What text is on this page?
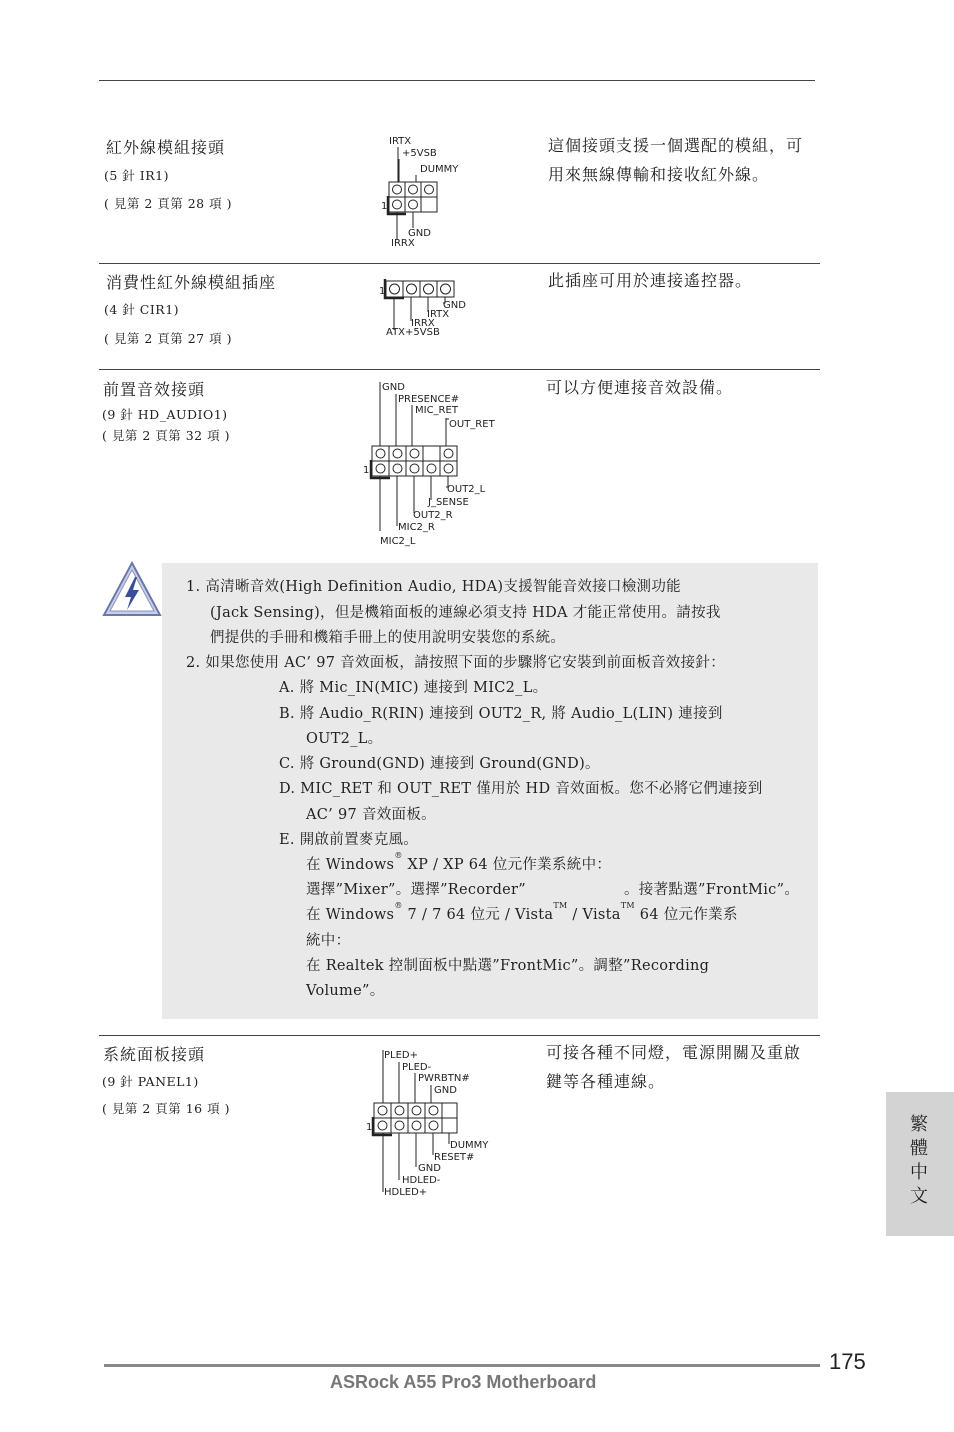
紅外線模組接頭
(5 針 IR1)
( 見第 2 頁第 28 項 )
這個接頭支援一個選配的模組，可用來無線傳輸和接收紅外線。
IRTX
+5VSB
DUMMY
1
GND
IRRX
消費性紅外線模組插座
(4 針 CIR1)
( 見第 2 頁第 27 項 )
此插座可用於連接遙控器。
1
GND
IRTX
IRRX
ATX+5VSB
前置音效接頭
(9 針 HD_AUDIO1)
( 見第 2 頁第 32 項 )
可以方便連接音效設備。
GND
PRESENCE#
MIC_RET
OUT_RET
1
OUT2_L
J_SENSE
OUT2_R
MIC2_R
MIC2_L
1. 高清晰音效(High Definition Audio, HDA)支援智能音效接口檢測功能
(Jack Sensing)，但是機箱面板的連線必須支持 HDA 才能正常使用。請按我
們提供的手冊和機箱手冊上的使用說明安裝您的系統。
2. 如果您使用 AC’ 97 音效面板，請按照下面的步驟將它安裝到前面板音效接針：
A. 將 Mic_IN(MIC) 連接到 MIC2_L。
B. 將 Audio_R(RIN) 連接到 OUT2_R, 將 Audio_L(LIN) 連接到
OUT2_L。
C. 將 Ground(GND) 連接到 Ground(GND)。
D. MIC_RET 和 OUT_RET 僅用於 HD 音效面板。您不必將它們連接到
AC’ 97 音效面板。
E. 開啟前置麥克風。
在 Windows® XP / XP 64 位元作業系統中：
選擇”Mixer”。選擇”Recorder”	。接著點選”FrontMic”。
在 Windows® 7 / 7 64 位元 / Vista™ / Vista™ 64 位元作業系
統中：
在 Realtek 控制面板中點選”FrontMic”。調整”Recording
Volume”。
系統面板接頭
(9 針 PANEL1)
( 見第 2 頁第 16 項 )
可接各種不同燈，電源開關及重啟鍵等各種連線。
PLED+
PLED-
PWRBTN#
GND
1
DUMMY
RESET#
GND
HDLED-
HDLED+	繁體中文
175
ASRock A55 Pro3 Motherboard
